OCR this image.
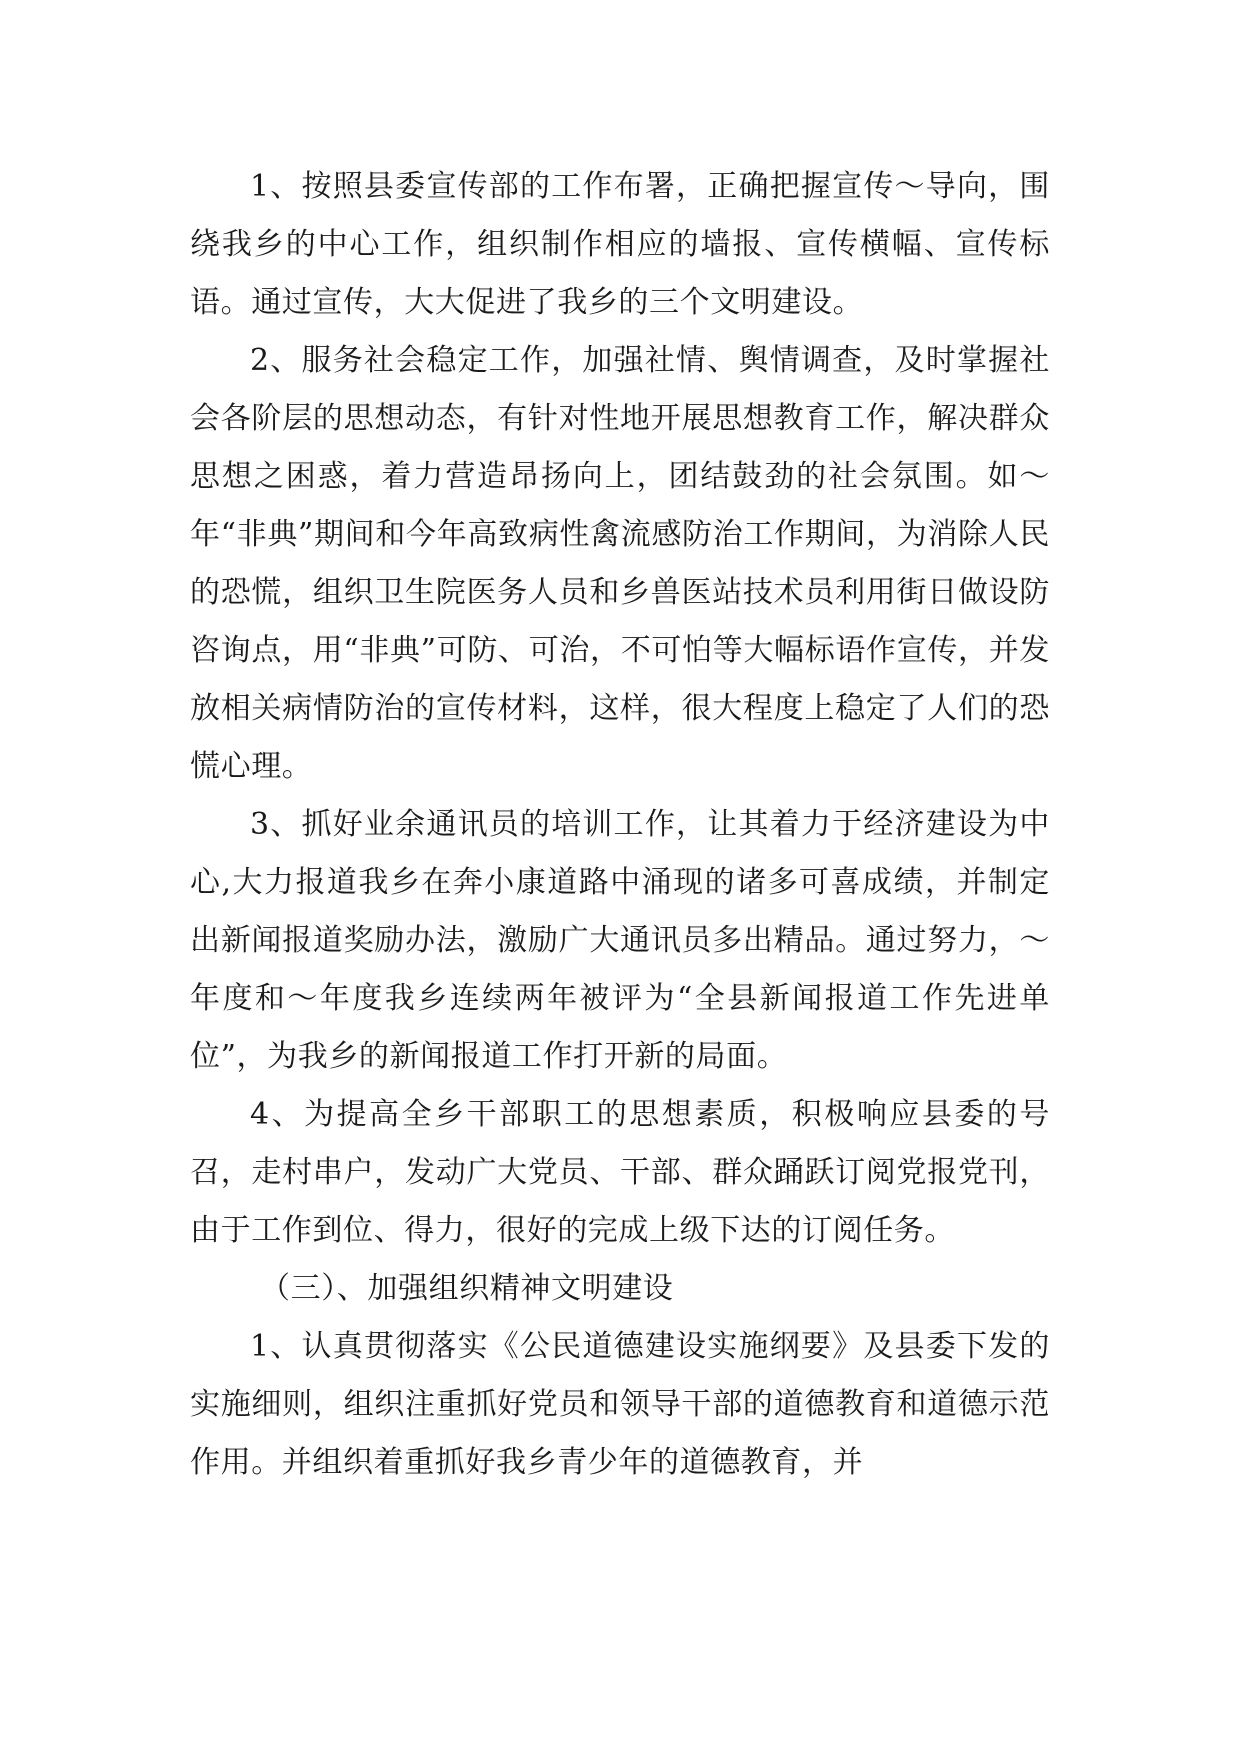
1、按照县委宣传部的工作布署，正确把握宣传～导向，围绕我乡的中心工作，组织制作相应的墙报、宣传横幅、宣传标语。通过宣传，大大促进了我乡的三个文明建设。

2、服务社会稳定工作，加强社情、舆情调查，及时掌握社会各阶层的思想动态，有针对性地开展思想教育工作，解决群众思想之困惑，着力营造昂扬向上，团结鼓劲的社会氛围。如～年“非典”期间和今年高致病性禽流感防治工作期间，为消除人民的恐慌，组织卫生院医务人员和乡兽医站技术员利用街日做设防咨询点，用“非典”可防、可治，不可怕等大幅标语作宣传，并发放相关病情防治的宣传材料，这样，很大程度上稳定了人们的恐慌心理。

3、抓好业余通讯员的培训工作，让其着力于经济建设为中心,大力报道我乡在奔小康道路中涌现的诸多可喜成绩，并制定出新闻报道奖励办法，激励广大通讯员多出精品。通过努力，～年度和～年度我乡连续两年被评为“全县新闻报道工作先进单位”，为我乡的新闻报道工作打开新的局面。

4、为提高全乡干部职工的思想素质，积极响应县委的号召，走村串户，发动广大党员、干部、群众踊跃订阅党报党刊，由于工作到位、得力，很好的完成上级下达的订阅任务。

（三）、加强组织精神文明建设

1、认真贯彻落实《公民道德建设实施纲要》及县委下发的实施细则，组织注重抓好党员和领导干部的道德教育和道德示范作用。并组织着重抓好我乡青少年的道德教育，并
